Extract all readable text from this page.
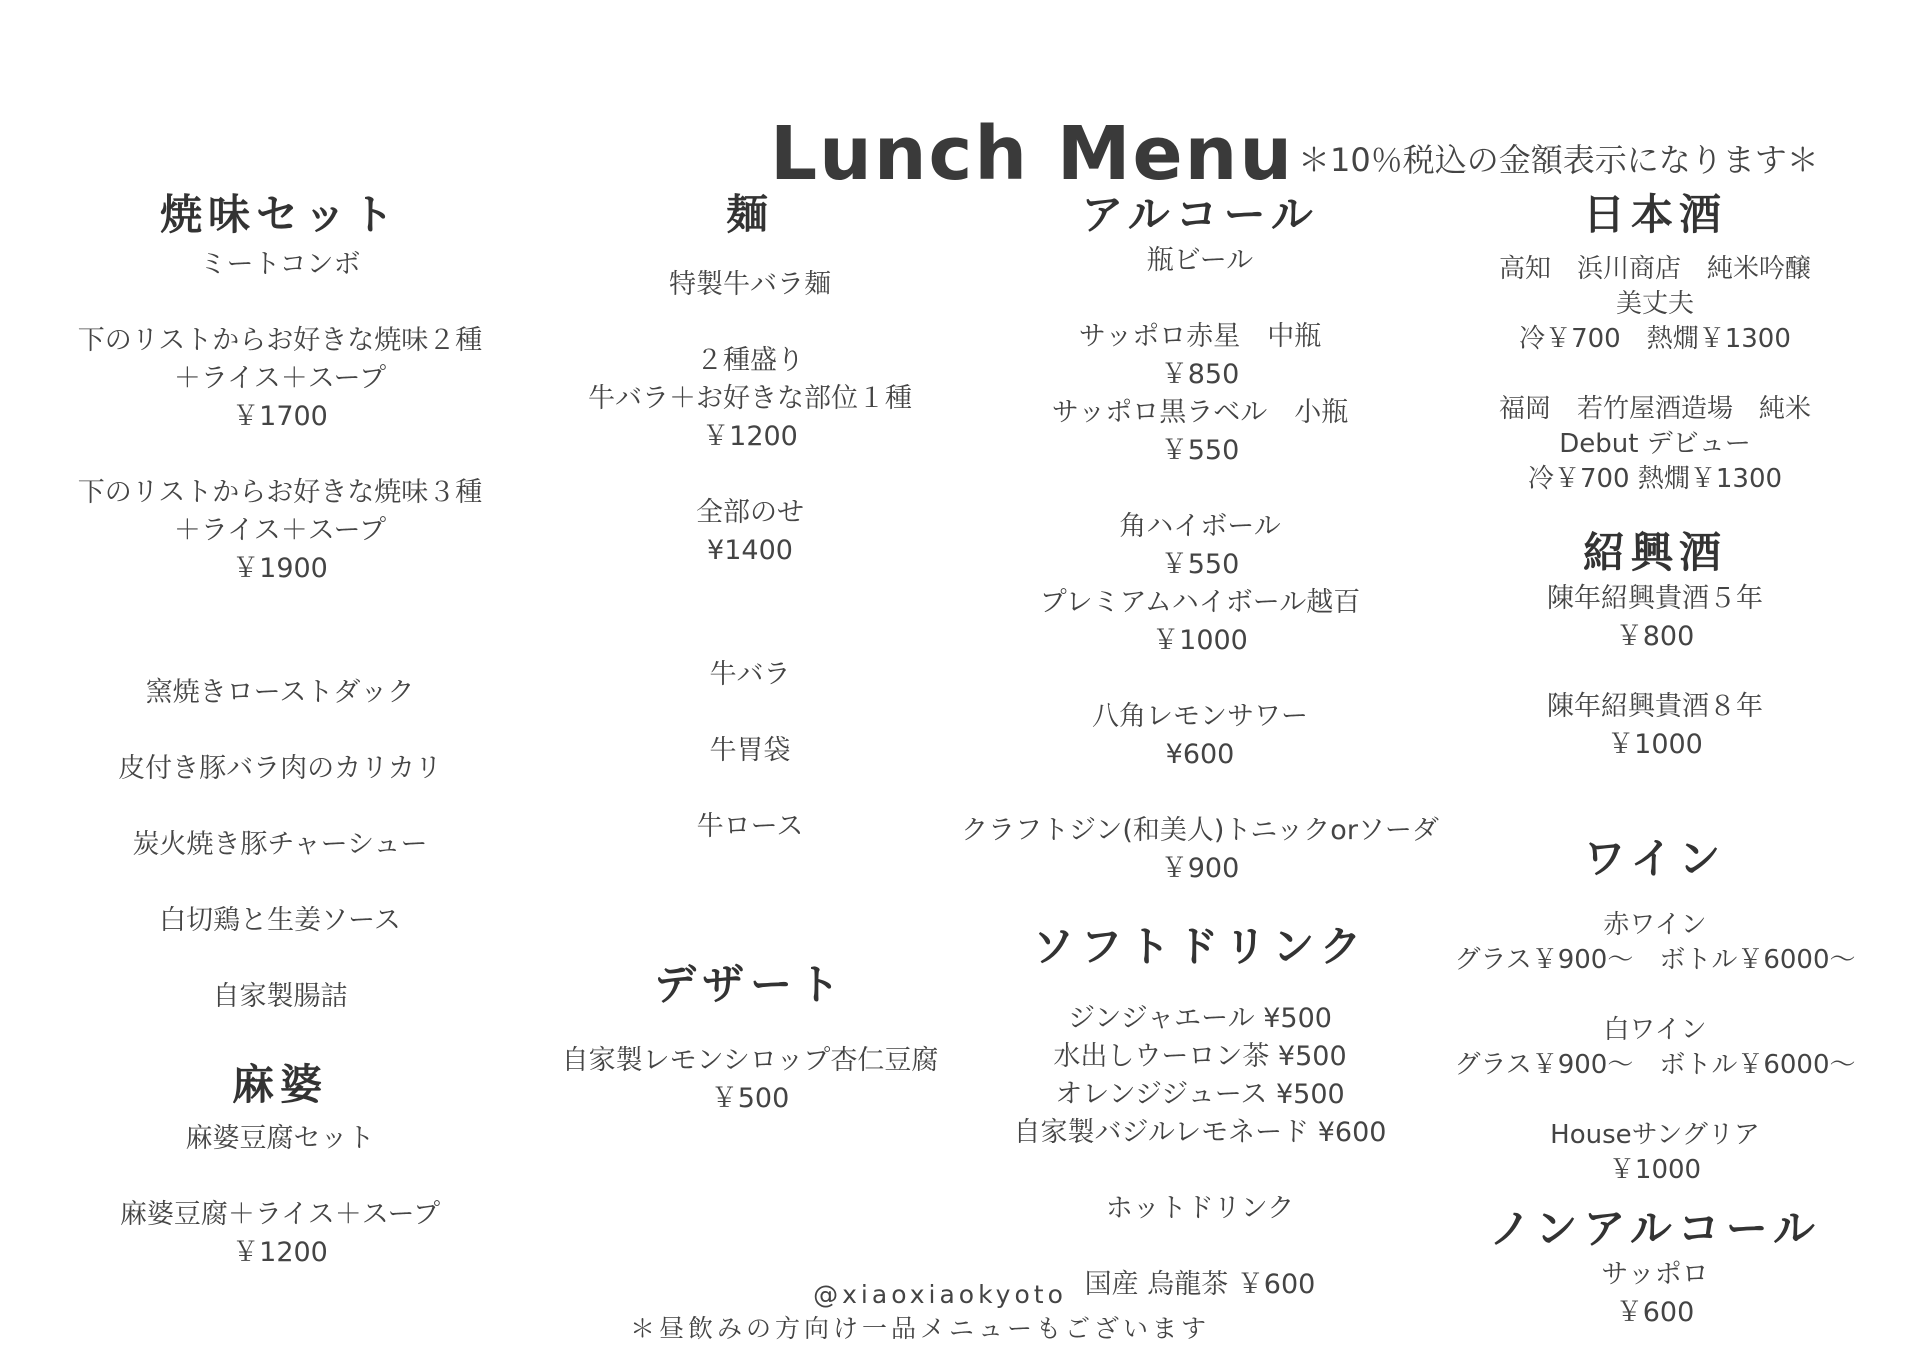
Lunch Menu ＊10％税込の金額表示になります＊
焼味セット
ミートコンボ
下のリストからお好きな焼味２種
＋ライス＋スープ
￥1700
下のリストからお好きな焼味３種
＋ライス＋スープ
￥1900
窯焼きローストダック
皮付き豚バラ肉のカリカリ
炭火焼き豚チャーシュー
白切鶏と生姜ソース
自家製腸詰
麻婆
麻婆豆腐セット
麻婆豆腐＋ライス＋スープ
￥1200
麺
特製牛バラ麺
２種盛り
牛バラ＋お好きな部位１種
￥1200
全部のせ
¥1400
牛バラ
牛胃袋
牛ロース
デザート
自家製レモンシロップ杏仁豆腐
￥500
アルコール
瓶ビール
サッポロ赤星　中瓶
￥850
サッポロ黒ラベル　小瓶
￥550
角ハイボール
￥550
プレミアムハイボール越百
￥1000
八角レモンサワー
¥600
クラフトジン(和美人)トニックorソーダ
￥900
ソフトドリンク
ジンジャエール ¥500
水出しウーロン茶 ¥500
オレンジジュース ¥500
自家製バジルレモネード ¥600
ホットドリンク
国産 烏龍茶 ￥600
日本酒
高知　浜川商店　純米吟醸
美丈夫
冷￥700　熱燗￥1300
福岡　若竹屋酒造場　純米
Debut デビュー
冷￥700 熱燗￥1300
紹興酒
陳年紹興貴酒５年
￥800
陳年紹興貴酒８年
￥1000
ワイン
赤ワイン
グラス￥900〜　ボトル￥6000〜
白ワイン
グラス￥900〜　ボトル￥6000〜
Houseサングリア
￥1000
ノンアルコール
サッポロ
￥600
@xiaoxiaokyoto
＊昼飲みの方向け一品メニューもございます
